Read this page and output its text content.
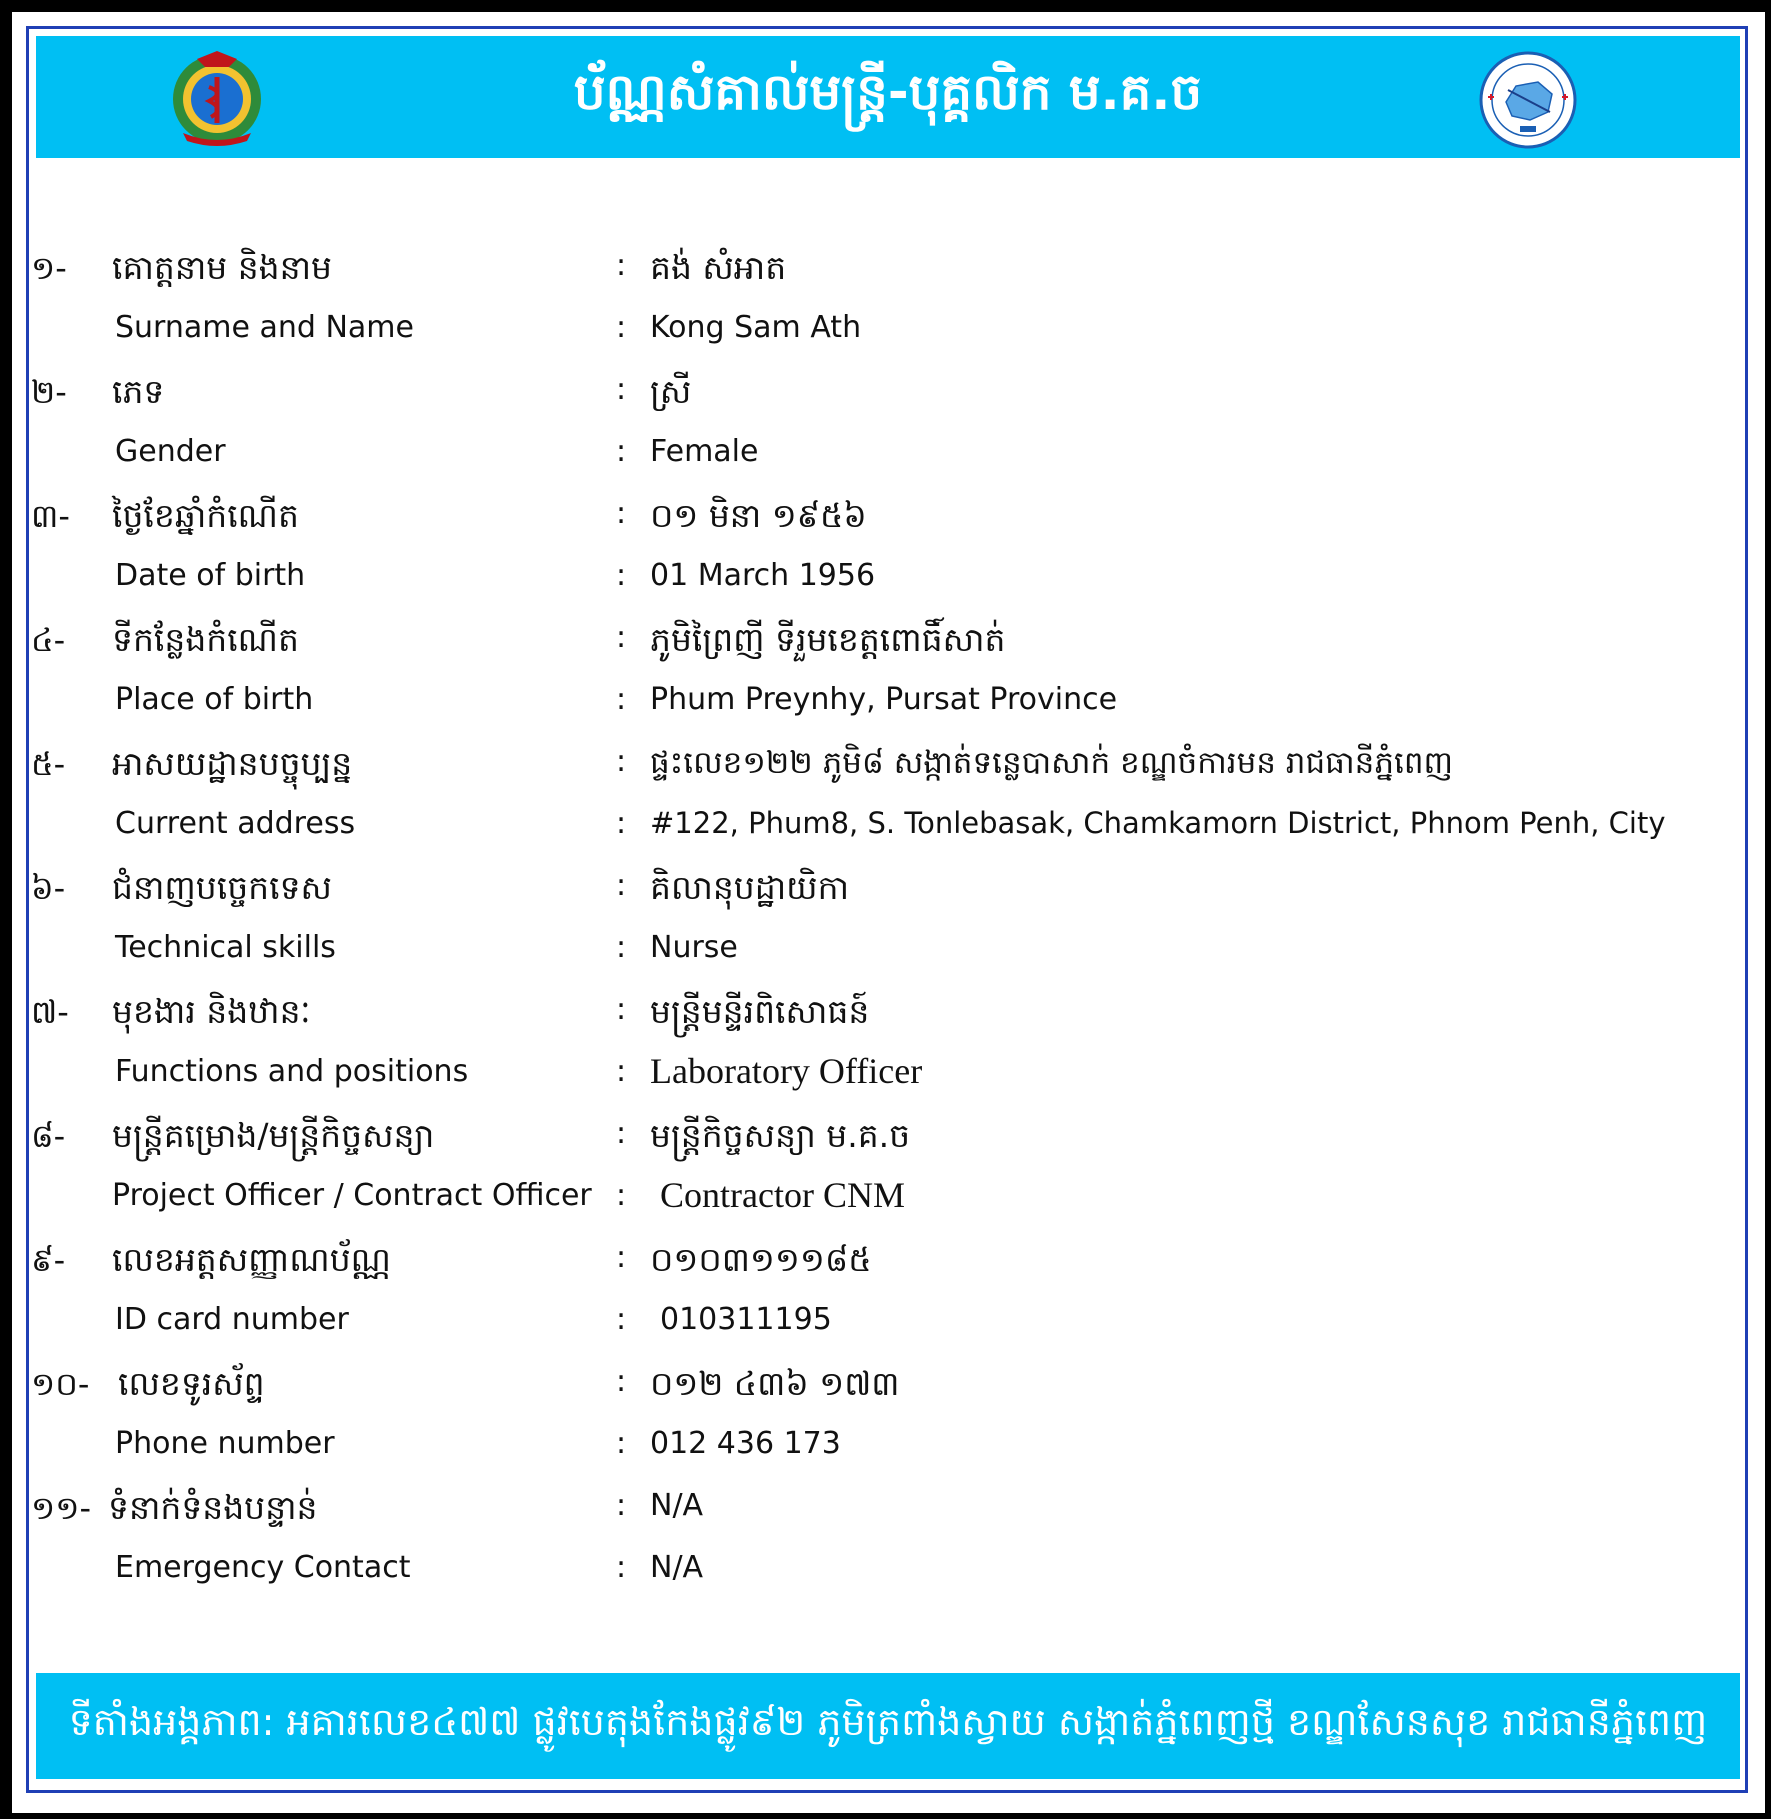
ប័ណ្ណសំគាល់មន្ត្រី-បុគ្គលិក ម.គ.ច
១- គោត្តនាម និងនាម	: គង់ សំអាត
Surname and Name	: Kong Sam Ath
២- ភេទ	: ស្រី
Gender	: Female
៣- ថ្ងៃខែឆ្នាំកំណើត	: ០១ មិនា ១៩៥៦
Date of birth	: 01 March 1956
៤- ទីកន្លែងកំណើត	: ភូមិព្រៃញី ទីរួមខេត្តពោធិ៍សាត់
Place of birth	: Phum Preynhy, Pursat Province
៥- អាសយដ្ឋានបច្ចុប្បន្ន	: ផ្ទះលេខ១២២ ភូមិ៨ សង្កាត់ទន្លេបាសាក់ ខណ្ឌចំការមន រាជធានីភ្នំពេញ
Current address	: #122, Phum8, S. Tonlebasak, Chamkamorn District, Phnom Penh, City
៦- ជំនាញបច្ចេកទេស	: គិលានុបដ្ឋាយិកា
Technical skills	: Nurse
៧- មុខងារ និងឋានៈ	: មន្ត្រីមន្ទីរពិសោធន៍
Functions and positions	: Laboratory Officer
៨- មន្ត្រីគម្រោង/មន្ត្រីកិច្ចសន្យា	: មន្ត្រីកិច្ចសន្យា ម.គ.ច
Project Officer / Contract Officer : Contractor CNM
៩- លេខអត្តសញ្ញាណប័ណ្ណ	: ០១០៣១១១៨៥
ID card number	: 010311195
១០- លេខទូរស័ព្ទ	: ០១២ ៤៣៦ ១៧៣
Phone number	: 012 436 173
១១- ទំនាក់ទំនងបន្ទាន់	: N/A
Emergency Contact	: N/A
ទីតាំងអង្គភាព: អគារលេខ៤៧៧ ផ្លូវបេតុងកែងផ្លូវ៩២ ភូមិត្រពាំងស្វាយ សង្កាត់ភ្នំពេញថ្មី ខណ្ឌសែនសុខ រាជធានីភ្នំពេញ
